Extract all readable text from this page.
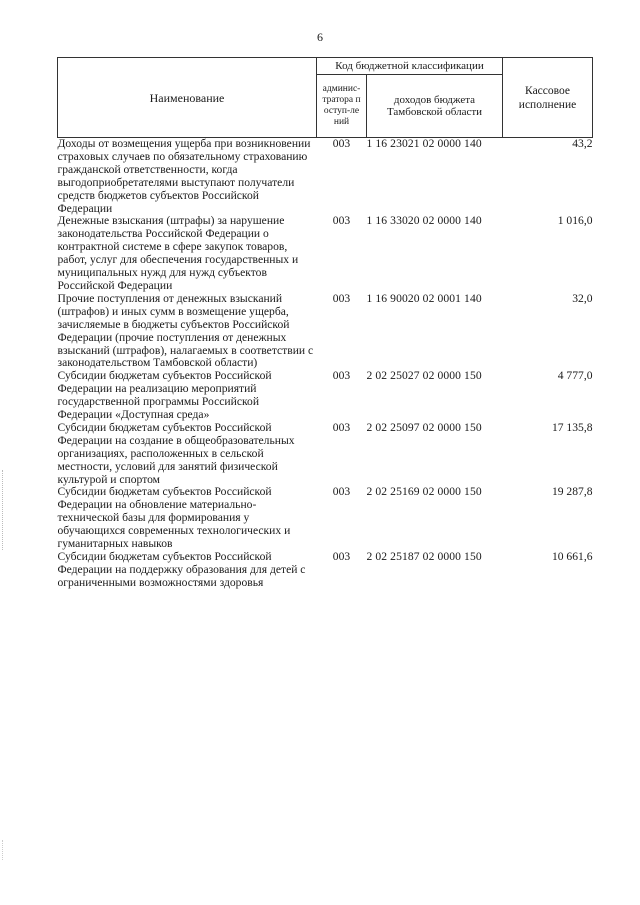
6
Наименование	Код бюджетной классификации		Кассовое исполнение

	админис-тратора поступ-лений	доходов бюджета Тамбовской области	

Доходы от возмещения ущерба при возникновении страховых случаев по обязательному страхованию гражданской ответственности, когда выгодоприобретателями выступают получатели средств бюджетов субъектов Российской Федерации	003	1 16 23021 02 0000 140	43,2
Денежные взыскания (штрафы) за нарушение законодательства Российской Федерации о контрактной системе в сфере закупок товаров, работ, услуг для обеспечения государственных и муниципальных нужд для нужд субъектов Российской Федерации	003	1 16 33020 02 0000 140	1 016,0
Прочие поступления от денежных взысканий (штрафов) и иных сумм в возмещение ущерба, зачисляемые в бюджеты субъектов Российской Федерации (прочие поступления от денежных взысканий (штрафов), налагаемых в соответствии с законодательством Тамбовской области)	003	1 16 90020 02 0001 140	32,0
Субсидии бюджетам субъектов Российской Федерации на реализацию мероприятий государственной программы Российской Федерации «Доступная среда»	003	2 02 25027 02 0000 150	4 777,0
Субсидии бюджетам субъектов Российской Федерации на создание в общеобразовательных организациях, расположенных в сельской местности, условий для занятий физической культурой и спортом	003	2 02 25097 02 0000 150	17 135,8
Субсидии бюджетам субъектов Российской Федерации на обновление материально-технической базы для формирования у обучающихся современных технологических и гуманитарных навыков	003	2 02 25169 02 0000 150	19 287,8
Субсидии бюджетам субъектов Российской Федерации на поддержку образования для детей с ограниченными возможностями здоровья	003	2 02 25187 02 0000 150	10 661,6
